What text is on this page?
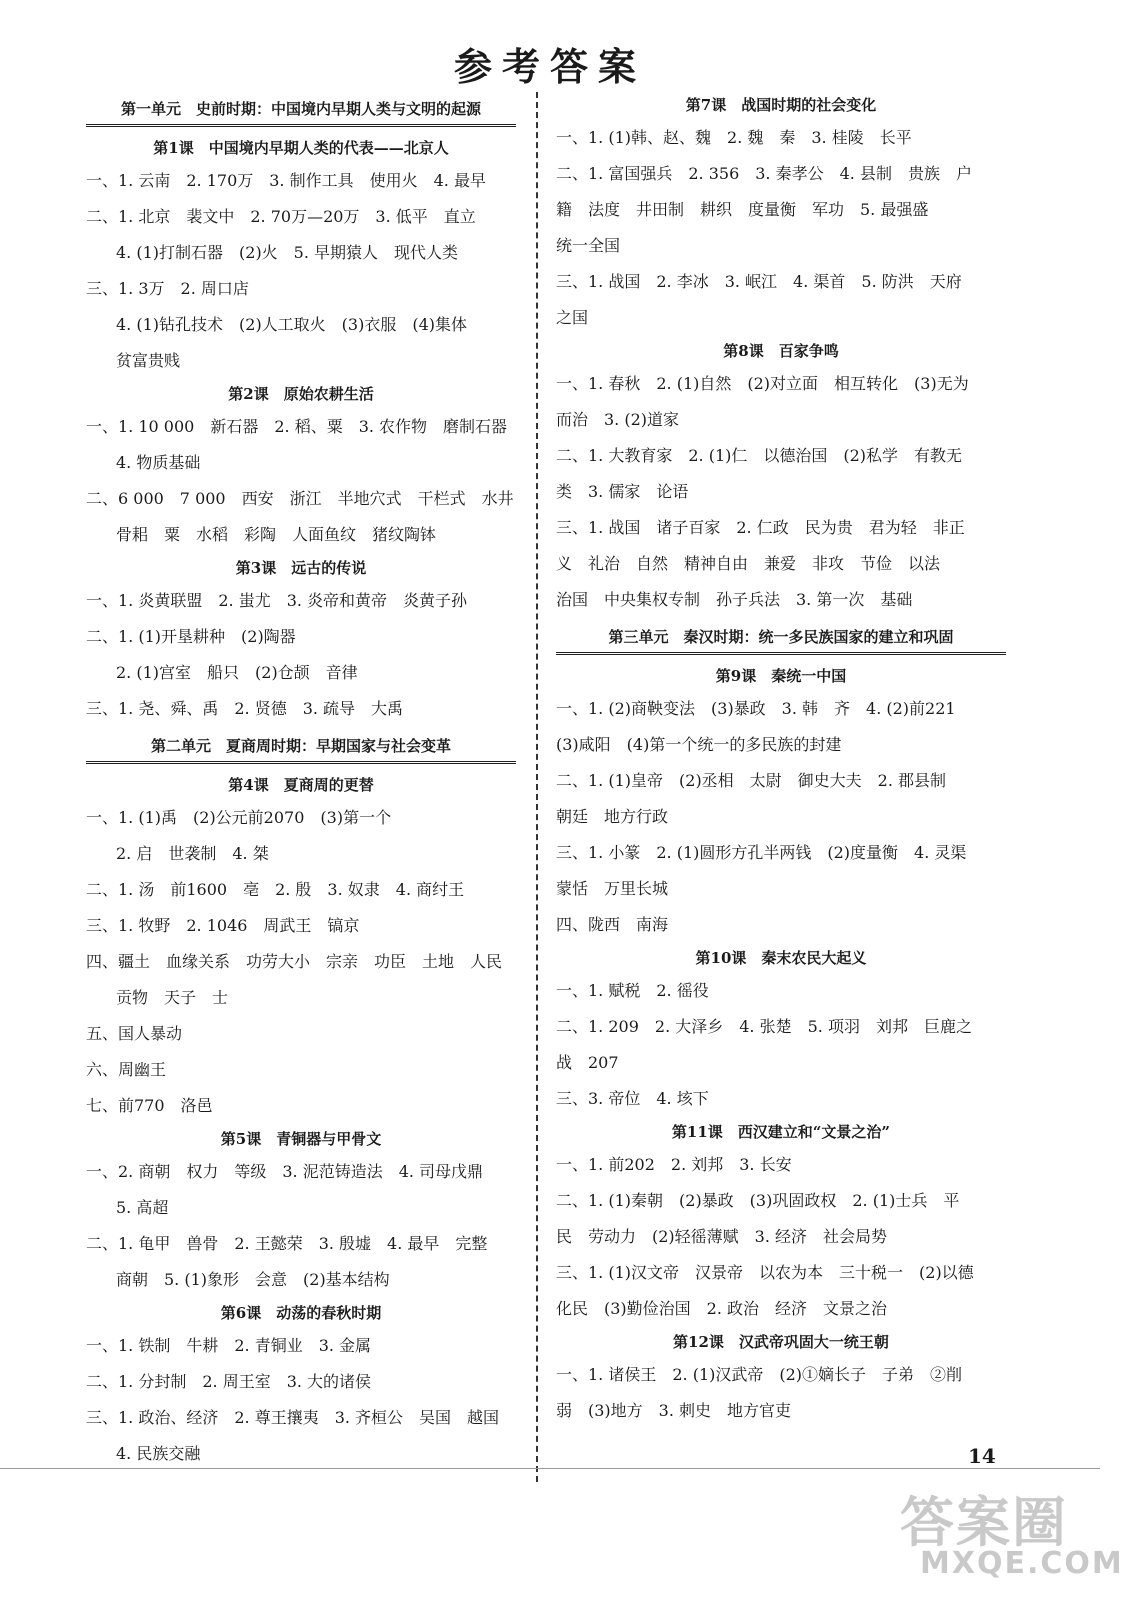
参考答案
第一单元　史前时期：中国境内早期人类与文明的起源
第1课　中国境内早期人类的代表——北京人
一、1. 云南　2. 170万　3. 制作工具　使用火　4. 最早
二、1. 北京　裴文中　2. 70万—20万　3. 低平　直立
4. (1)打制石器　(2)火　5. 早期猿人　现代人类
三、1. 3万　2. 周口店
4. (1)钻孔技术　(2)人工取火　(3)衣服　(4)集体
贫富贵贱
第2课　原始农耕生活
一、1. 10 000　新石器　2. 稻、粟　3. 农作物　磨制石器
4. 物质基础
二、6 000　7 000　西安　浙江　半地穴式　干栏式　水井
骨耜　粟　水稻　彩陶　人面鱼纹　猪纹陶钵
第3课　远古的传说
一、1. 炎黄联盟　2. 蚩尤　3. 炎帝和黄帝　炎黄子孙
二、1. (1)开垦耕种　(2)陶器
2. (1)宫室　船只　(2)仓颉　音律
三、1. 尧、舜、禹　2. 贤德　3. 疏导　大禹
第二单元　夏商周时期：早期国家与社会变革
第4课　夏商周的更替
一、1. (1)禹　(2)公元前2070　(3)第一个
2. 启　世袭制　4. 桀
二、1. 汤　前1600　亳　2. 殷　3. 奴隶　4. 商纣王
三、1. 牧野　2. 1046　周武王　镐京
四、疆土　血缘关系　功劳大小　宗亲　功臣　土地　人民
贡物　天子　士
五、国人暴动
六、周幽王
七、前770　洛邑
第5课　青铜器与甲骨文
一、2. 商朝　权力　等级　3. 泥范铸造法　4. 司母戊鼎
5. 高超
二、1. 龟甲　兽骨　2. 王懿荣　3. 殷墟　4. 最早　完整
商朝　5. (1)象形　会意　(2)基本结构
第6课　动荡的春秋时期
一、1. 铁制　牛耕　2. 青铜业　3. 金属
二、1. 分封制　2. 周王室　3. 大的诸侯
三、1. 政治、经济　2. 尊王攘夷　3. 齐桓公　吴国　越国
4. 民族交融
第7课　战国时期的社会变化
一、1. (1)韩、赵、魏　2. 魏　秦　3. 桂陵　长平
二、1. 富国强兵　2. 356　3. 秦孝公　4. 县制　贵族　户
籍　法度　井田制　耕织　度量衡　军功　5. 最强盛
统一全国
三、1. 战国　2. 李冰　3. 岷江　4. 渠首　5. 防洪　天府
之国
第8课　百家争鸣
一、1. 春秋　2. (1)自然　(2)对立面　相互转化　(3)无为
而治　3. (2)道家
二、1. 大教育家　2. (1)仁　以德治国　(2)私学　有教无
类　3. 儒家　论语
三、1. 战国　诸子百家　2. 仁政　民为贵　君为轻　非正
义　礼治　自然　精神自由　兼爱　非攻　节俭　以法
治国　中央集权专制　孙子兵法　3. 第一次　基础
第三单元　秦汉时期：统一多民族国家的建立和巩固
第9课　秦统一中国
一、1. (2)商鞅变法　(3)暴政　3. 韩　齐　4. (2)前221
(3)咸阳　(4)第一个统一的多民族的封建
二、1. (1)皇帝　(2)丞相　太尉　御史大夫　2. 郡县制
朝廷　地方行政
三、1. 小篆　2. (1)圆形方孔半两钱　(2)度量衡　4. 灵渠
蒙恬　万里长城
四、陇西　南海
第10课　秦末农民大起义
一、1. 赋税　2. 徭役
二、1. 209　2. 大泽乡　4. 张楚　5. 项羽　刘邦　巨鹿之
战　207
三、3. 帝位　4. 垓下
第11课　西汉建立和“文景之治”
一、1. 前202　2. 刘邦　3. 长安
二、1. (1)秦朝　(2)暴政　(3)巩固政权　2. (1)士兵　平
民　劳动力　(2)轻徭薄赋　3. 经济　社会局势
三、1. (1)汉文帝　汉景帝　以农为本　三十税一　(2)以德
化民　(3)勤俭治国　2. 政治　经济　文景之治
第12课　汉武帝巩固大一统王朝
一、1. 诸侯王　2. (1)汉武帝　(2)①嫡长子　子弟　②削
弱　(3)地方　3. 刺史　地方官吏
14
答案圈
MXQE.COM
